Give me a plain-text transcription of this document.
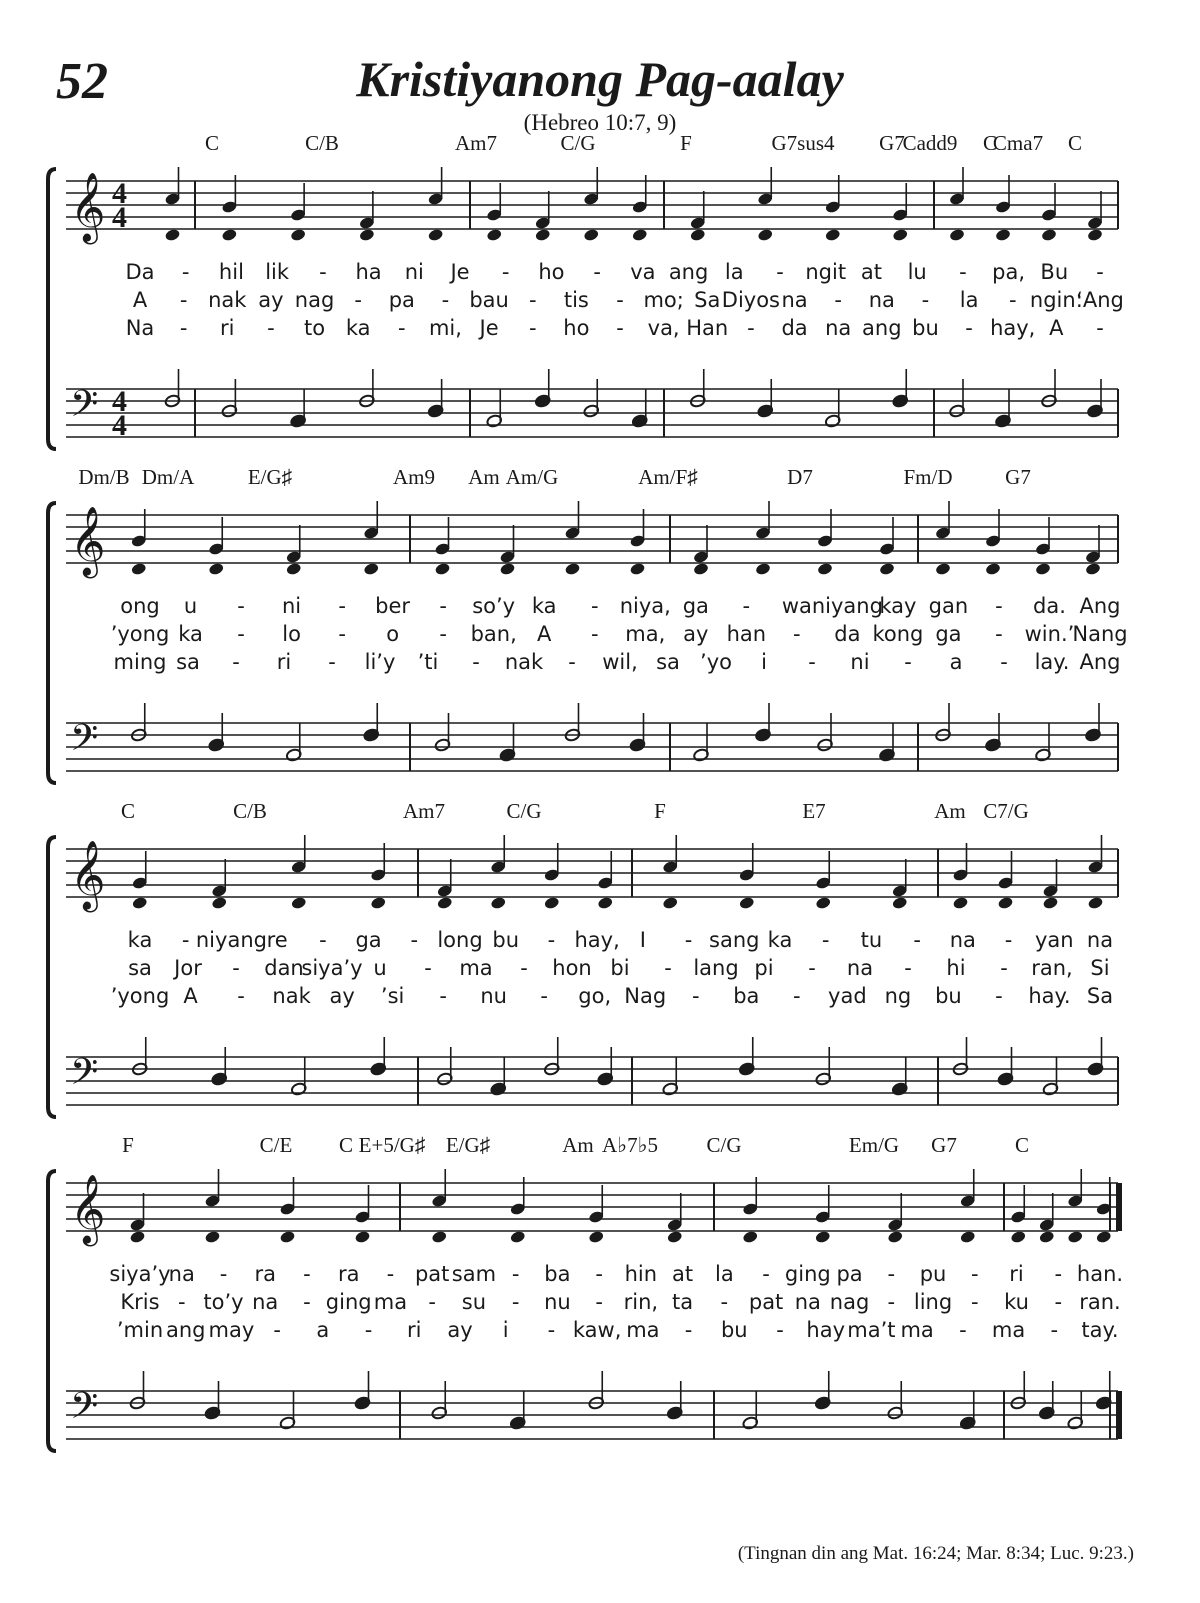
52	Kristiyanong Pag-aalay
(Hebreo 10:7, 9)
𝄞
𝄢
4
4
4
4
C	C/B	Am7	C/G	F	G7sus4 G7
Cadd9 C
Cma7 C
Da - hil lik - ha ni Je - ho - va ang la - ngit at lu - pa, Bu -
A - nak ay nag - pa - bau - tis - mo; Sa Diyos na - na - la - ngin:
‘Ang
Na - ri - to ka - mi, Je - ho - va, Han - da na ang bu - hay, A -
𝄞
𝄢
Dm/B Dm/A	E/G♯	Am9 Am Am/G	Am/F♯	D7	Fm/D	G7
ong u - ni - ber - so’y ka - niya, ga - wa niyang
kay gan - da. Ang
’yong ka - lo - o - ban, A - ma, ay han - da kong ga - win.’
Nang
ming sa - ri - li’y ’ti - nak - wil, sa ’yo i - ni - a - lay. Ang
𝄞
𝄢
C	C/B	Am7	C/G	F	E7	Am C7/G
ka - niyang re - ga - long bu - hay, I - sang ka - tu - na - yan na
sa Jor - dan
siya’y u - ma - hon bi - lang pi - na - hi - ran, Si
’yong A - nak ay ’si - nu - go, Nag - ba - yad ng bu - hay. Sa
𝄞
𝄢
F	C/E C E+5/G♯ E/G♯	Am A♭7♭5 C/G	Em/G G7	C
siya’y
na - ra - ra - pat sam - ba - hin at la - ging pa - pu - ri - han.
Kris - to’y na - ging ma - su - nu - rin, ta - pat na nag - ling - ku - ran.
’min ang may - a - ri ay i - kaw, ma - bu - hay ma’t ma - ma - tay.
(Tingnan din ang Mat. 16:24; Mar. 8:34; Luc. 9:23.)
